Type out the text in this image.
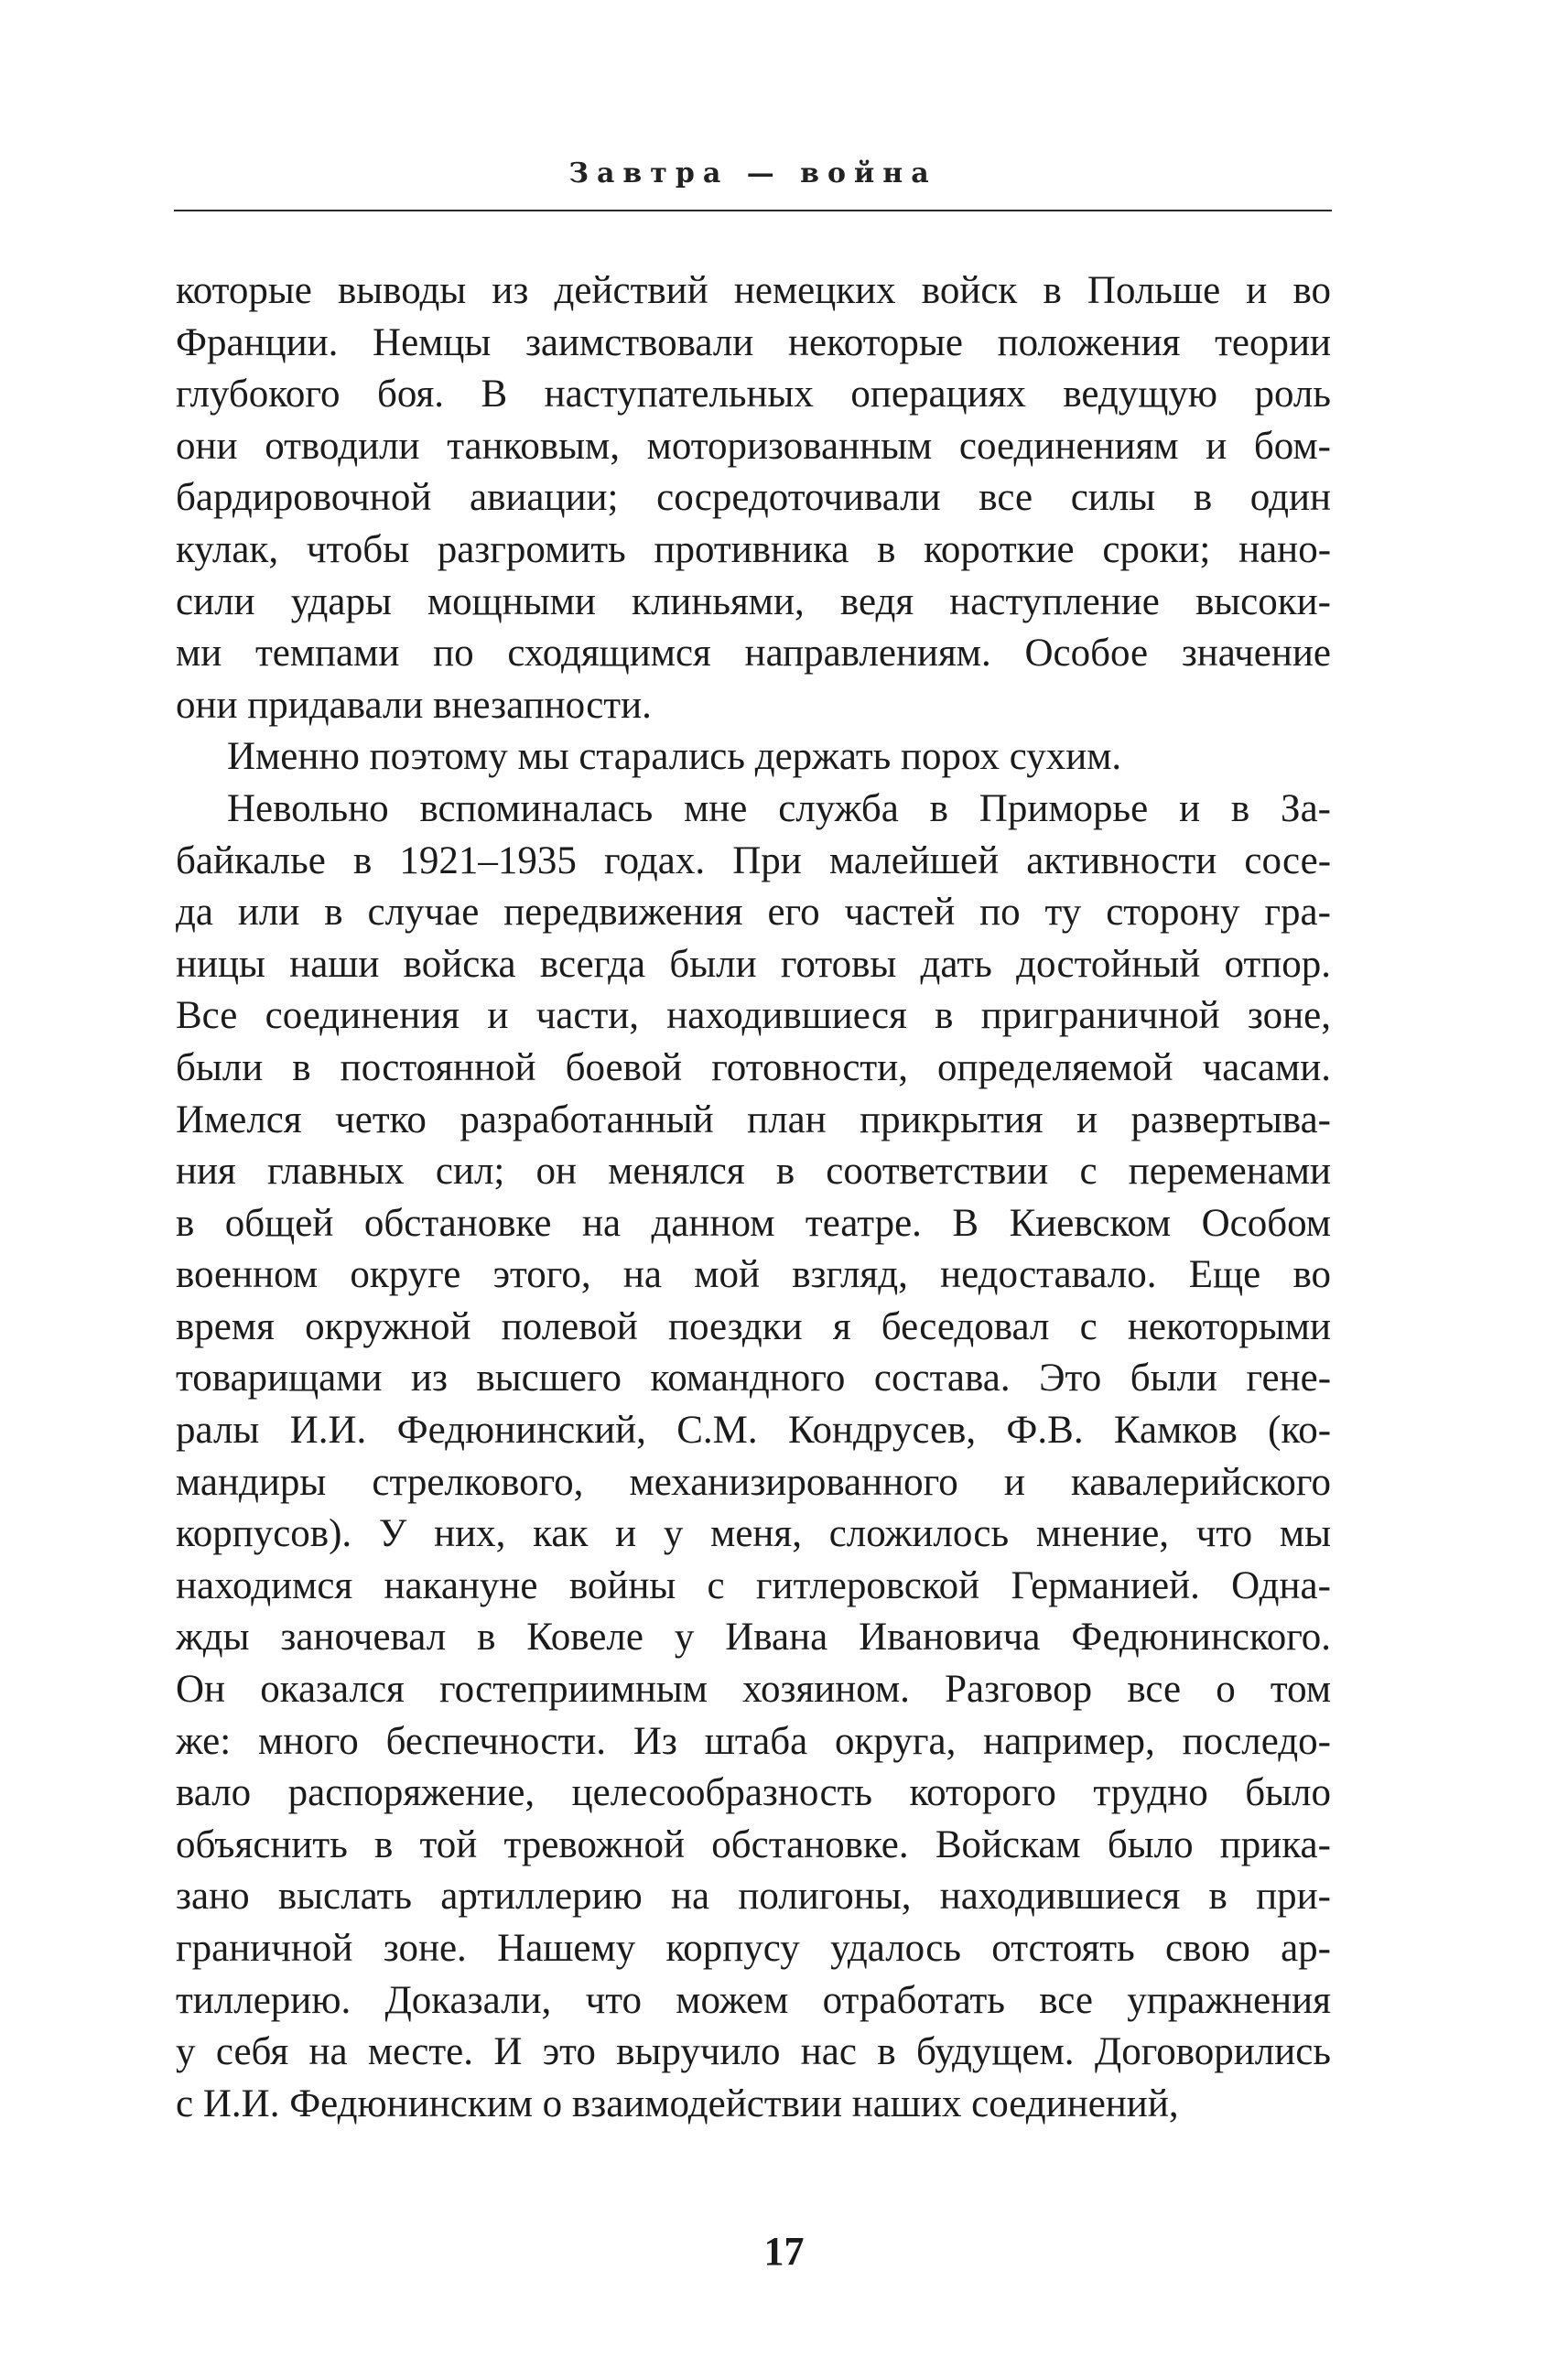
Завтра — война
которые выводы из действий немецких войск в Польше и во
Франции. Немцы заимствовали некоторые положения теории
глубокого боя. В наступательных операциях ведущую роль
они отводили танковым, моторизованным соединениям и бом-
бардировочной авиации; сосредоточивали все силы в один
кулак, чтобы разгромить противника в короткие сроки; нано-
сили удары мощными клиньями, ведя наступление высоки-
ми темпами по сходящимся направлениям. Особое значение
они придавали внезапности.
Именно поэтому мы старались держать порох сухим.
Невольно вспоминалась мне служба в Приморье и в За-
байкалье в 1921–1935 годах. При малейшей активности сосе-
да или в случае передвижения его частей по ту сторону гра-
ницы наши войска всегда были готовы дать достойный отпор.
Все соединения и части, находившиеся в приграничной зоне,
были в постоянной боевой готовности, определяемой часами.
Имелся четко разработанный план прикрытия и развертыва-
ния главных сил; он менялся в соответствии с переменами
в общей обстановке на данном театре. В Киевском Особом
военном округе этого, на мой взгляд, недоставало. Еще во
время окружной полевой поездки я беседовал с некоторыми
товарищами из высшего командного состава. Это были гене-
ралы И.И. Федюнинский, С.М. Кондрусев, Ф.В. Камков (ко-
мандиры стрелкового, механизированного и кавалерийского
корпусов). У них, как и у меня, сложилось мнение, что мы
находимся накануне войны с гитлеровской Германией. Одна-
жды заночевал в Ковеле у Ивана Ивановича Федюнинского.
Он оказался гостеприимным хозяином. Разговор все о том
же: много беспечности. Из штаба округа, например, последо-
вало распоряжение, целесообразность которого трудно было
объяснить в той тревожной обстановке. Войскам было прика-
зано выслать артиллерию на полигоны, находившиеся в при-
граничной зоне. Нашему корпусу удалось отстоять свою ар-
тиллерию. Доказали, что можем отработать все упражнения
у себя на месте. И это выручило нас в будущем. Договорились
с И.И. Федюнинским о взаимодействии наших соединений,
17
